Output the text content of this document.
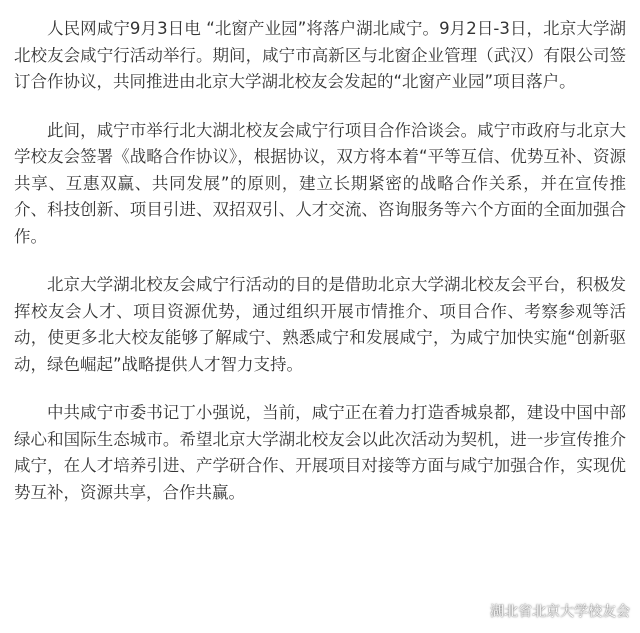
人民网咸宁9月3日电 “北窗产业园”将落户湖北咸宁。9月2日-3日，北京大学湖北校友会咸宁行活动举行。期间，咸宁市高新区与北窗企业管理（武汉）有限公司签订合作协议，共同推进由北京大学湖北校友会发起的“北窗产业园”项目落户。

此间，咸宁市举行北大湖北校友会咸宁行项目合作洽谈会。咸宁市政府与北京大学校友会签署《战略合作协议》，根据协议，双方将本着“平等互信、优势互补、资源共享、互惠双赢、共同发展”的原则，建立长期紧密的战略合作关系，并在宣传推介、科技创新、项目引进、双招双引、人才交流、咨询服务等六个方面的全面加强合作。

北京大学湖北校友会咸宁行活动的目的是借助北京大学湖北校友会平台，积极发挥校友会人才、项目资源优势，通过组织开展市情推介、项目合作、考察参观等活动，使更多北大校友能够了解咸宁、熟悉咸宁和发展咸宁，为咸宁加快实施“创新驱动，绿色崛起”战略提供人才智力支持。

中共咸宁市委书记丁小强说，当前，咸宁正在着力打造香城泉都，建设中国中部绿心和国际生态城市。希望北京大学湖北校友会以此次活动为契机，进一步宣传推介咸宁，在人才培养引进、产学研合作、开展项目对接等方面与咸宁加强合作，实现优势互补，资源共享，合作共赢。

湖北省北京大学校友会
